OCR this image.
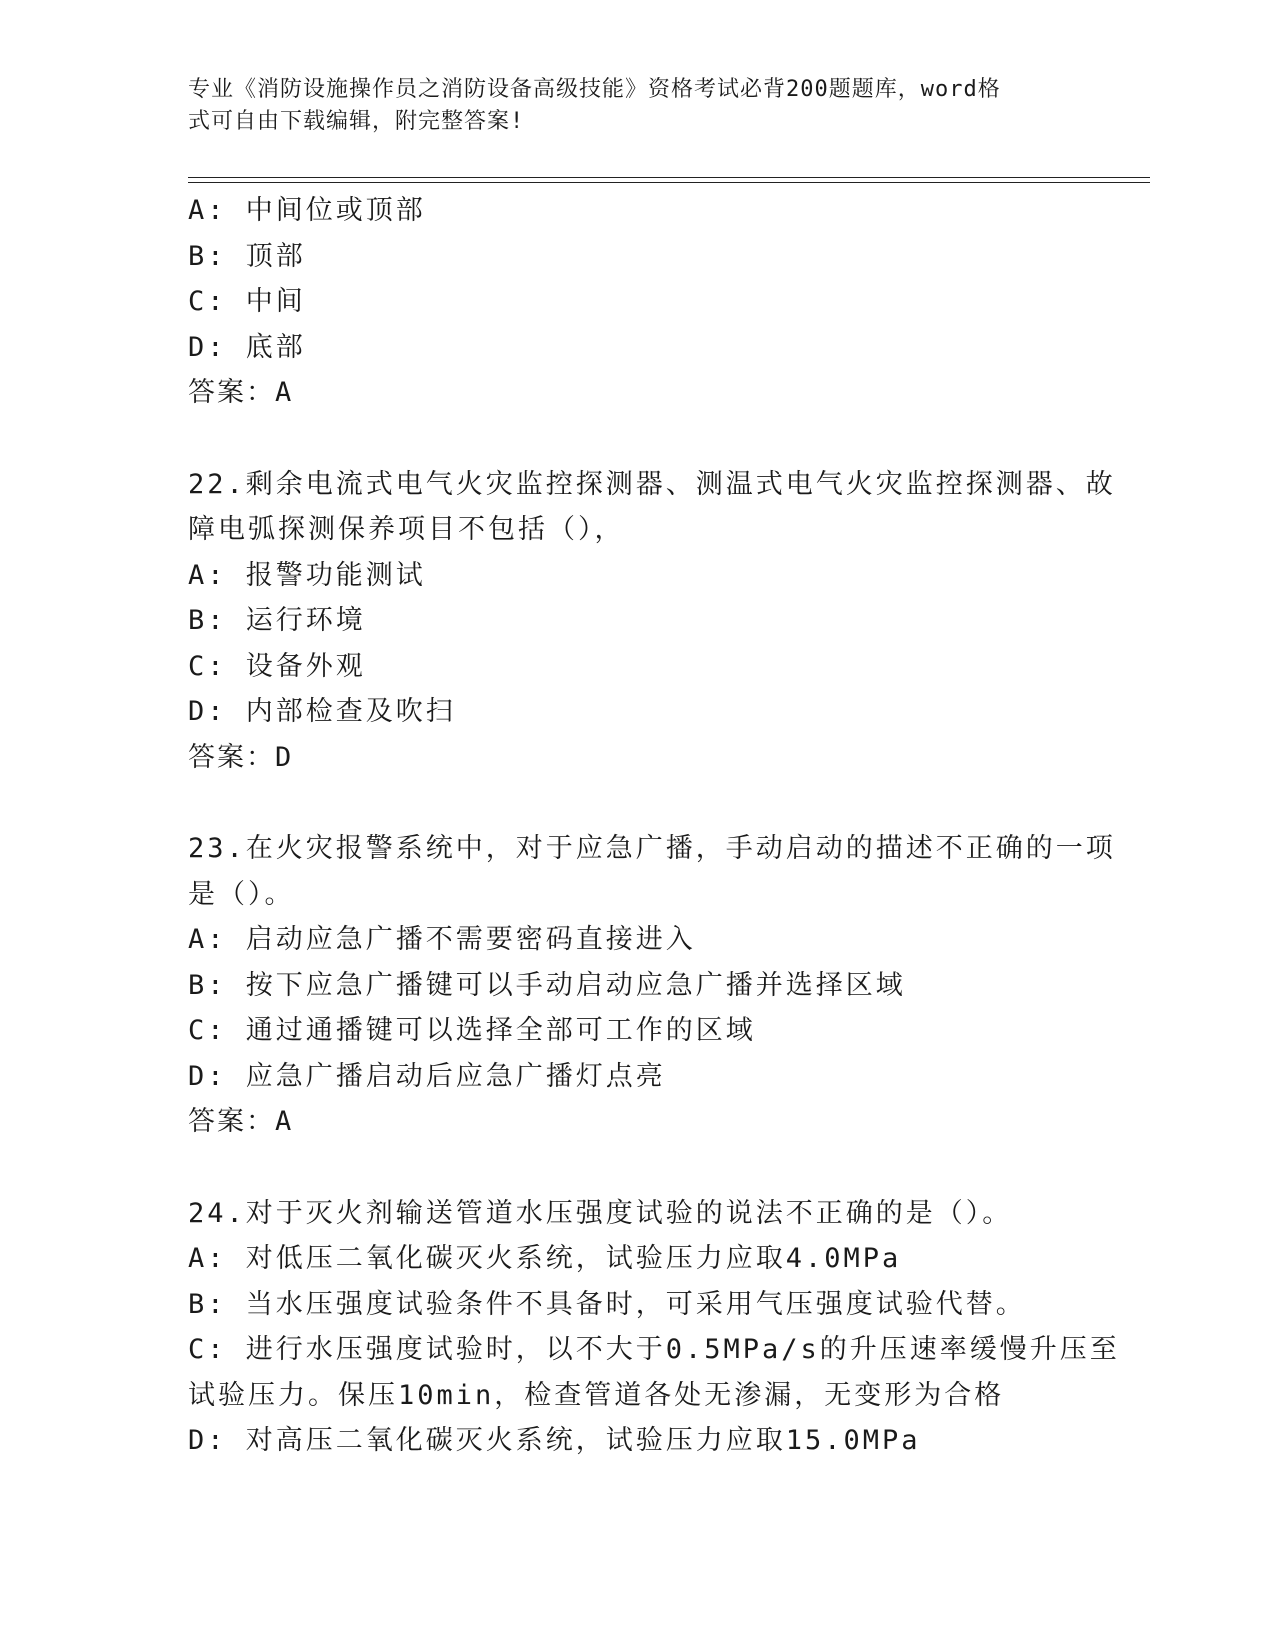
专业《消防设施操作员之消防设备高级技能》资格考试必背200题题库，word格
式可自由下载编辑，附完整答案!
A: 中间位或顶部
B: 顶部
C: 中间
D: 底部
答案：A
22.剩余电流式电气火灾监控探测器、测温式电气火灾监控探测器、故
障电弧探测保养项目不包括（），
A: 报警功能测试
B: 运行环境
C: 设备外观
D: 内部检查及吹扫
答案：D
23.在火灾报警系统中，对于应急广播，手动启动的描述不正确的一项
是（）。
A: 启动应急广播不需要密码直接进入
B: 按下应急广播键可以手动启动应急广播并选择区域
C: 通过通播键可以选择全部可工作的区域
D: 应急广播启动后应急广播灯点亮
答案：A
24.对于灭火剂输送管道水压强度试验的说法不正确的是（）。
A: 对低压二氧化碳灭火系统，试验压力应取4.0MPa
B: 当水压强度试验条件不具备时，可采用气压强度试验代替。
C: 进行水压强度试验时，以不大于0.5MPa/s的升压速率缓慢升压至
试验压力。保压10min，检查管道各处无渗漏，无变形为合格
D: 对高压二氧化碳灭火系统，试验压力应取15.0MPa
